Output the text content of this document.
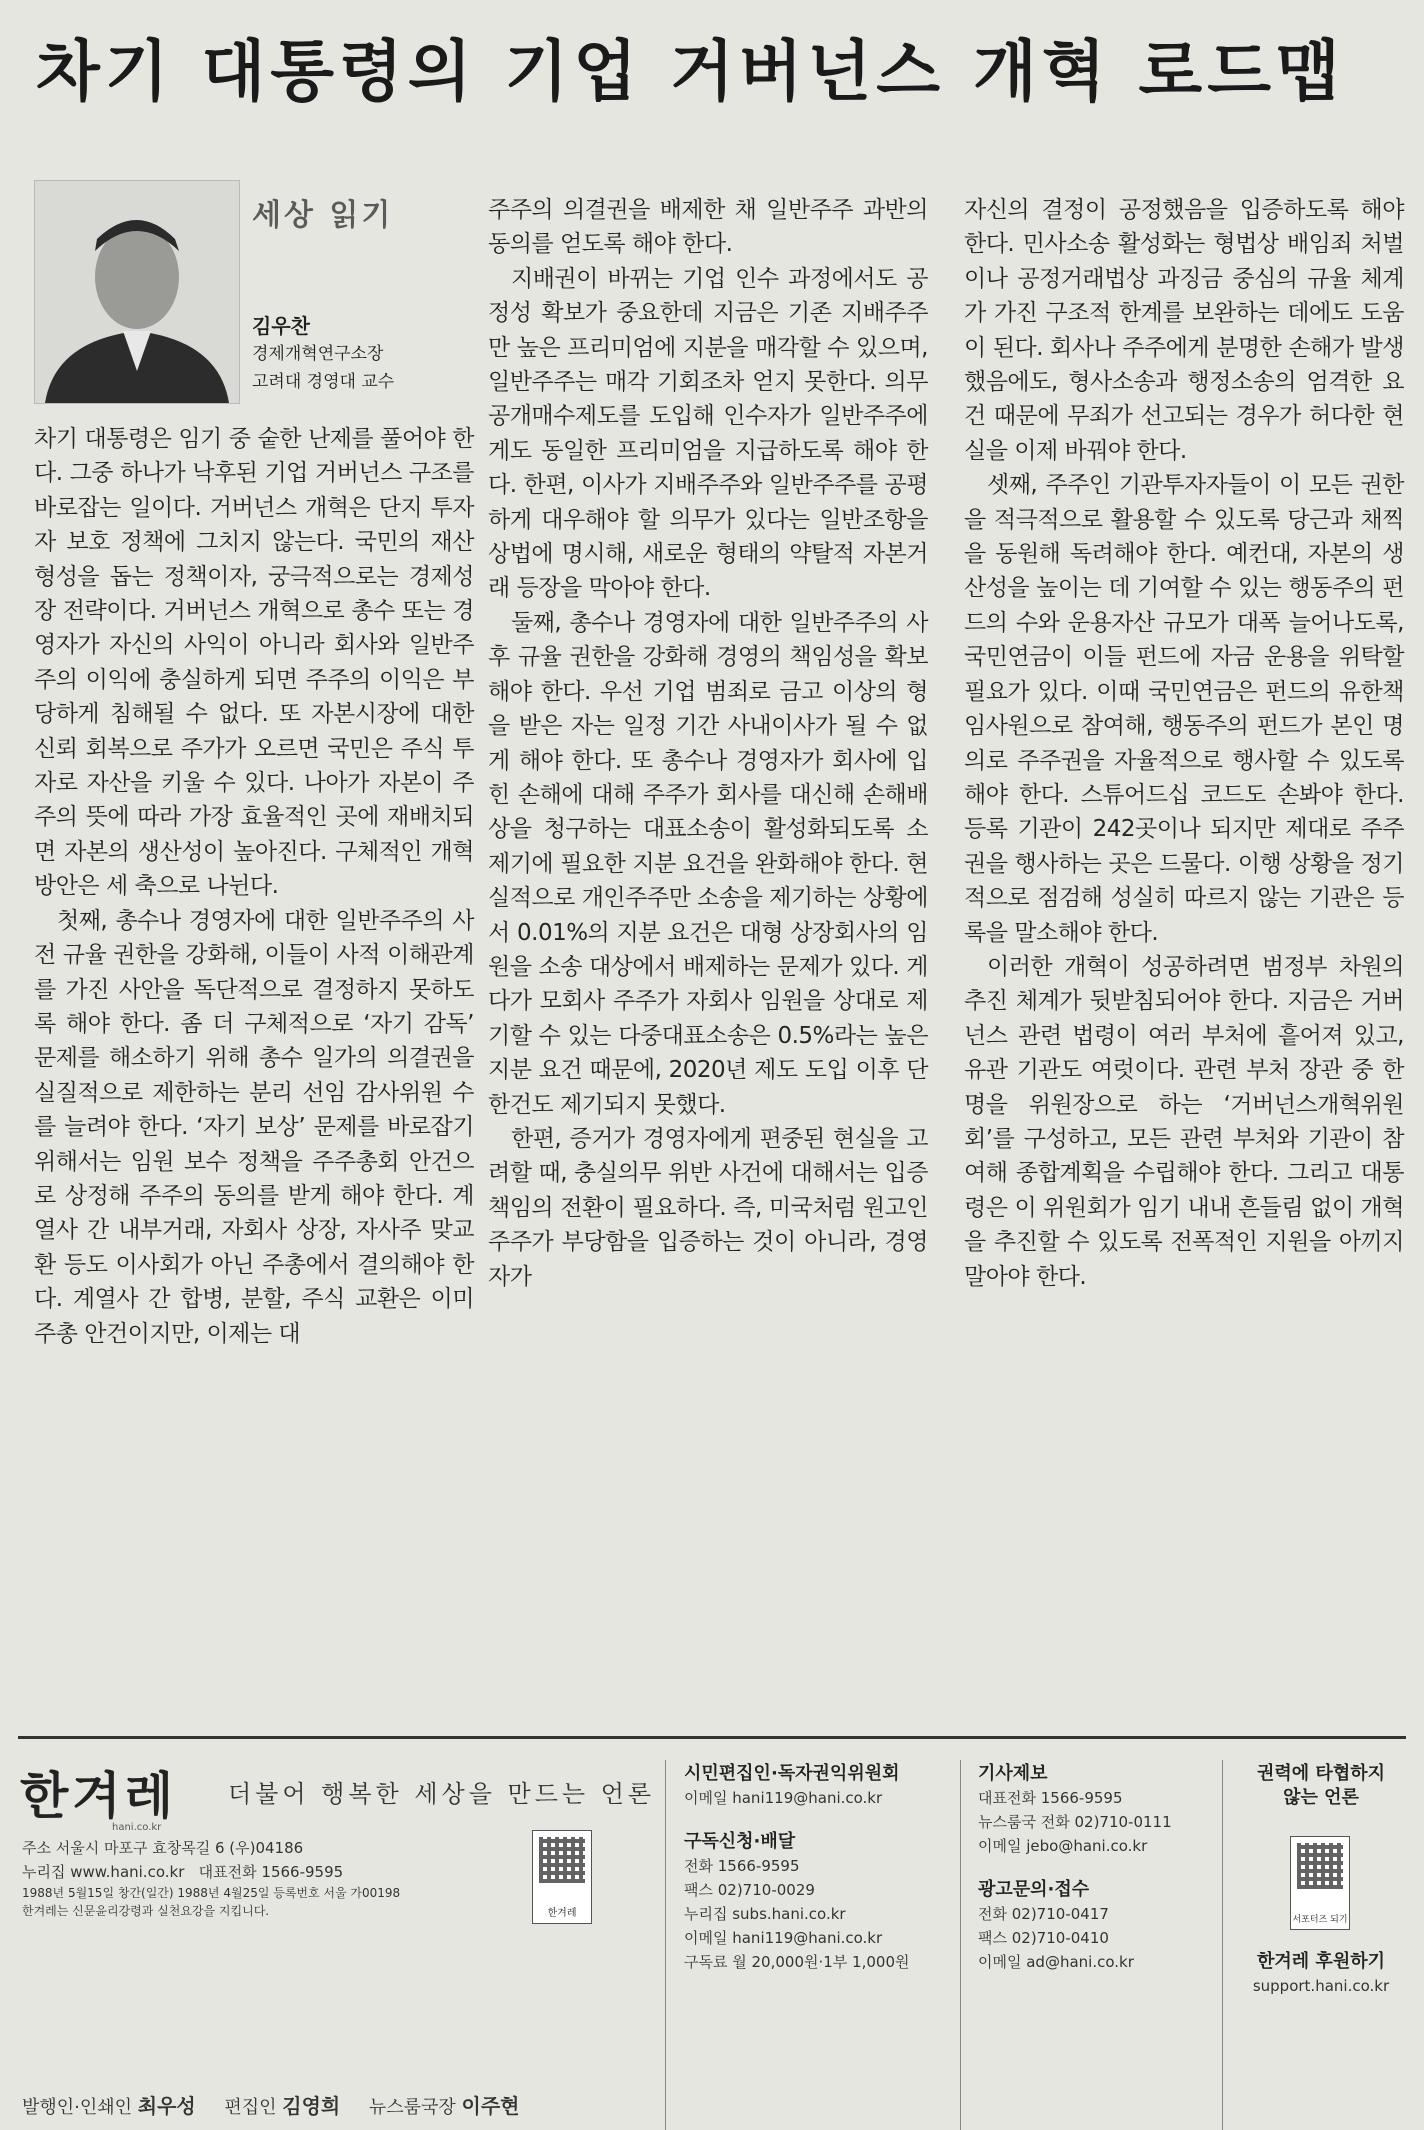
차기 대통령의 기업 거버넌스 개혁 로드맵
세상 읽기
김우찬
경제개혁연구소장
고려대 경영대 교수

차기 대통령은 임기 중 숱한 난제를 풀어야 한다. 그중 하나가 낙후된 기업 거버넌스 구조를 바로잡는 일이다. 거버넌스 개혁은 단지 투자자 보호 정책에 그치지 않는다. 국민의 재산 형성을 돕는 정책이자, 궁극적으로는 경제성장 전략이다. 거버넌스 개혁으로 총수 또는 경영자가 자신의 사익이 아니라 회사와 일반주주의 이익에 충실하게 되면 주주의 이익은 부당하게 침해될 수 없다. 또 자본시장에 대한 신뢰 회복으로 주가가 오르면 국민은 주식 투자로 자산을 키울 수 있다. 나아가 자본이 주주의 뜻에 따라 가장 효율적인 곳에 재배치되면 자본의 생산성이 높아진다. 구체적인 개혁 방안은 세 축으로 나뉜다.

첫째, 총수나 경영자에 대한 일반주주의 사전 규율 권한을 강화해, 이들이 사적 이해관계를 가진 사안을 독단적으로 결정하지 못하도록 해야 한다. 좀 더 구체적으로 ‘자기 감독’ 문제를 해소하기 위해 총수 일가의 의결권을 실질적으로 제한하는 분리 선임 감사위원 수를 늘려야 한다. ‘자기 보상’ 문제를 바로잡기 위해서는 임원 보수 정책을 주주총회 안건으로 상정해 주주의 동의를 받게 해야 한다. 계열사 간 내부거래, 자회사 상장, 자사주 맞교환 등도 이사회가 아닌 주총에서 결의해야 한다. 계열사 간 합병, 분할, 주식 교환은 이미 주총 안건이지만, 이제는 대

주주의 의결권을 배제한 채 일반주주 과반의 동의를 얻도록 해야 한다.

지배권이 바뀌는 기업 인수 과정에서도 공정성 확보가 중요한데 지금은 기존 지배주주만 높은 프리미엄에 지분을 매각할 수 있으며, 일반주주는 매각 기회조차 얻지 못한다. 의무공개매수제도를 도입해 인수자가 일반주주에게도 동일한 프리미엄을 지급하도록 해야 한다. 한편, 이사가 지배주주와 일반주주를 공평하게 대우해야 할 의무가 있다는 일반조항을 상법에 명시해, 새로운 형태의 약탈적 자본거래 등장을 막아야 한다.

둘째, 총수나 경영자에 대한 일반주주의 사후 규율 권한을 강화해 경영의 책임성을 확보해야 한다. 우선 기업 범죄로 금고 이상의 형을 받은 자는 일정 기간 사내이사가 될 수 없게 해야 한다. 또 총수나 경영자가 회사에 입힌 손해에 대해 주주가 회사를 대신해 손해배상을 청구하는 대표소송이 활성화되도록 소 제기에 필요한 지분 요건을 완화해야 한다. 현실적으로 개인주주만 소송을 제기하는 상황에서 0.01%의 지분 요건은 대형 상장회사의 임원을 소송 대상에서 배제하는 문제가 있다. 게다가 모회사 주주가 자회사 임원을 상대로 제기할 수 있는 다중대표소송은 0.5%라는 높은 지분 요건 때문에, 2020년 제도 도입 이후 단 한건도 제기되지 못했다.

한편, 증거가 경영자에게 편중된 현실을 고려할 때, 충실의무 위반 사건에 대해서는 입증책임의 전환이 필요하다. 즉, 미국처럼 원고인 주주가 부당함을 입증하는 것이 아니라, 경영자가

자신의 결정이 공정했음을 입증하도록 해야 한다. 민사소송 활성화는 형법상 배임죄 처벌이나 공정거래법상 과징금 중심의 규율 체계가 가진 구조적 한계를 보완하는 데에도 도움이 된다. 회사나 주주에게 분명한 손해가 발생했음에도, 형사소송과 행정소송의 엄격한 요건 때문에 무죄가 선고되는 경우가 허다한 현실을 이제 바꿔야 한다.

셋째, 주주인 기관투자자들이 이 모든 권한을 적극적으로 활용할 수 있도록 당근과 채찍을 동원해 독려해야 한다. 예컨대, 자본의 생산성을 높이는 데 기여할 수 있는 행동주의 펀드의 수와 운용자산 규모가 대폭 늘어나도록, 국민연금이 이들 펀드에 자금 운용을 위탁할 필요가 있다. 이때 국민연금은 펀드의 유한책임사원으로 참여해, 행동주의 펀드가 본인 명의로 주주권을 자율적으로 행사할 수 있도록 해야 한다. 스튜어드십 코드도 손봐야 한다. 등록 기관이 242곳이나 되지만 제대로 주주권을 행사하는 곳은 드물다. 이행 상황을 정기적으로 점검해 성실히 따르지 않는 기관은 등록을 말소해야 한다.

이러한 개혁이 성공하려면 범정부 차원의 추진 체계가 뒷받침되어야 한다. 지금은 거버넌스 관련 법령이 여러 부처에 흩어져 있고, 유관 기관도 여럿이다. 관련 부처 장관 중 한명을 위원장으로 하는 ‘거버넌스개혁위원회’를 구성하고, 모든 관련 부처와 기관이 참여해 종합계획을 수립해야 한다. 그리고 대통령은 이 위원회가 임기 내내 흔들림 없이 개혁을 추진할 수 있도록 전폭적인 지원을 아끼지 말아야 한다.

한겨레
hani.co.kr
더불어 행복한 세상을 만드는 언론
주소 서울시 마포구 효창목길 6 (우)04186
누리집 www.hani.co.kr 대표전화 1566-9595
1988년 5월15일 창간(일간) 1988년 4월25일 등록번호 서울 가00198
한겨레는 신문윤리강령과 실천요강을 지킵니다.	한겨레
시민편집인·독자권익위원회
이메일 hani119@hani.co.kr
구독신청·배달
전화 1566-9595
팩스 02)710-0029
누리집 subs.hani.co.kr
이메일 hani119@hani.co.kr
구독료 월 20,000원·1부 1,000원
기사제보
대표전화 1566-9595
뉴스룸국 전화 02)710-0111
이메일 jebo@hani.co.kr
광고문의·접수
전화 02)710-0417
팩스 02)710-0410
이메일 ad@hani.co.kr
권력에 타협하지
않는 언론
서포터즈 되기
한겨레 후원하기
support.hani.co.kr
발행인·인쇄인 최우성 편집인 김영희 뉴스룸국장 이주현
